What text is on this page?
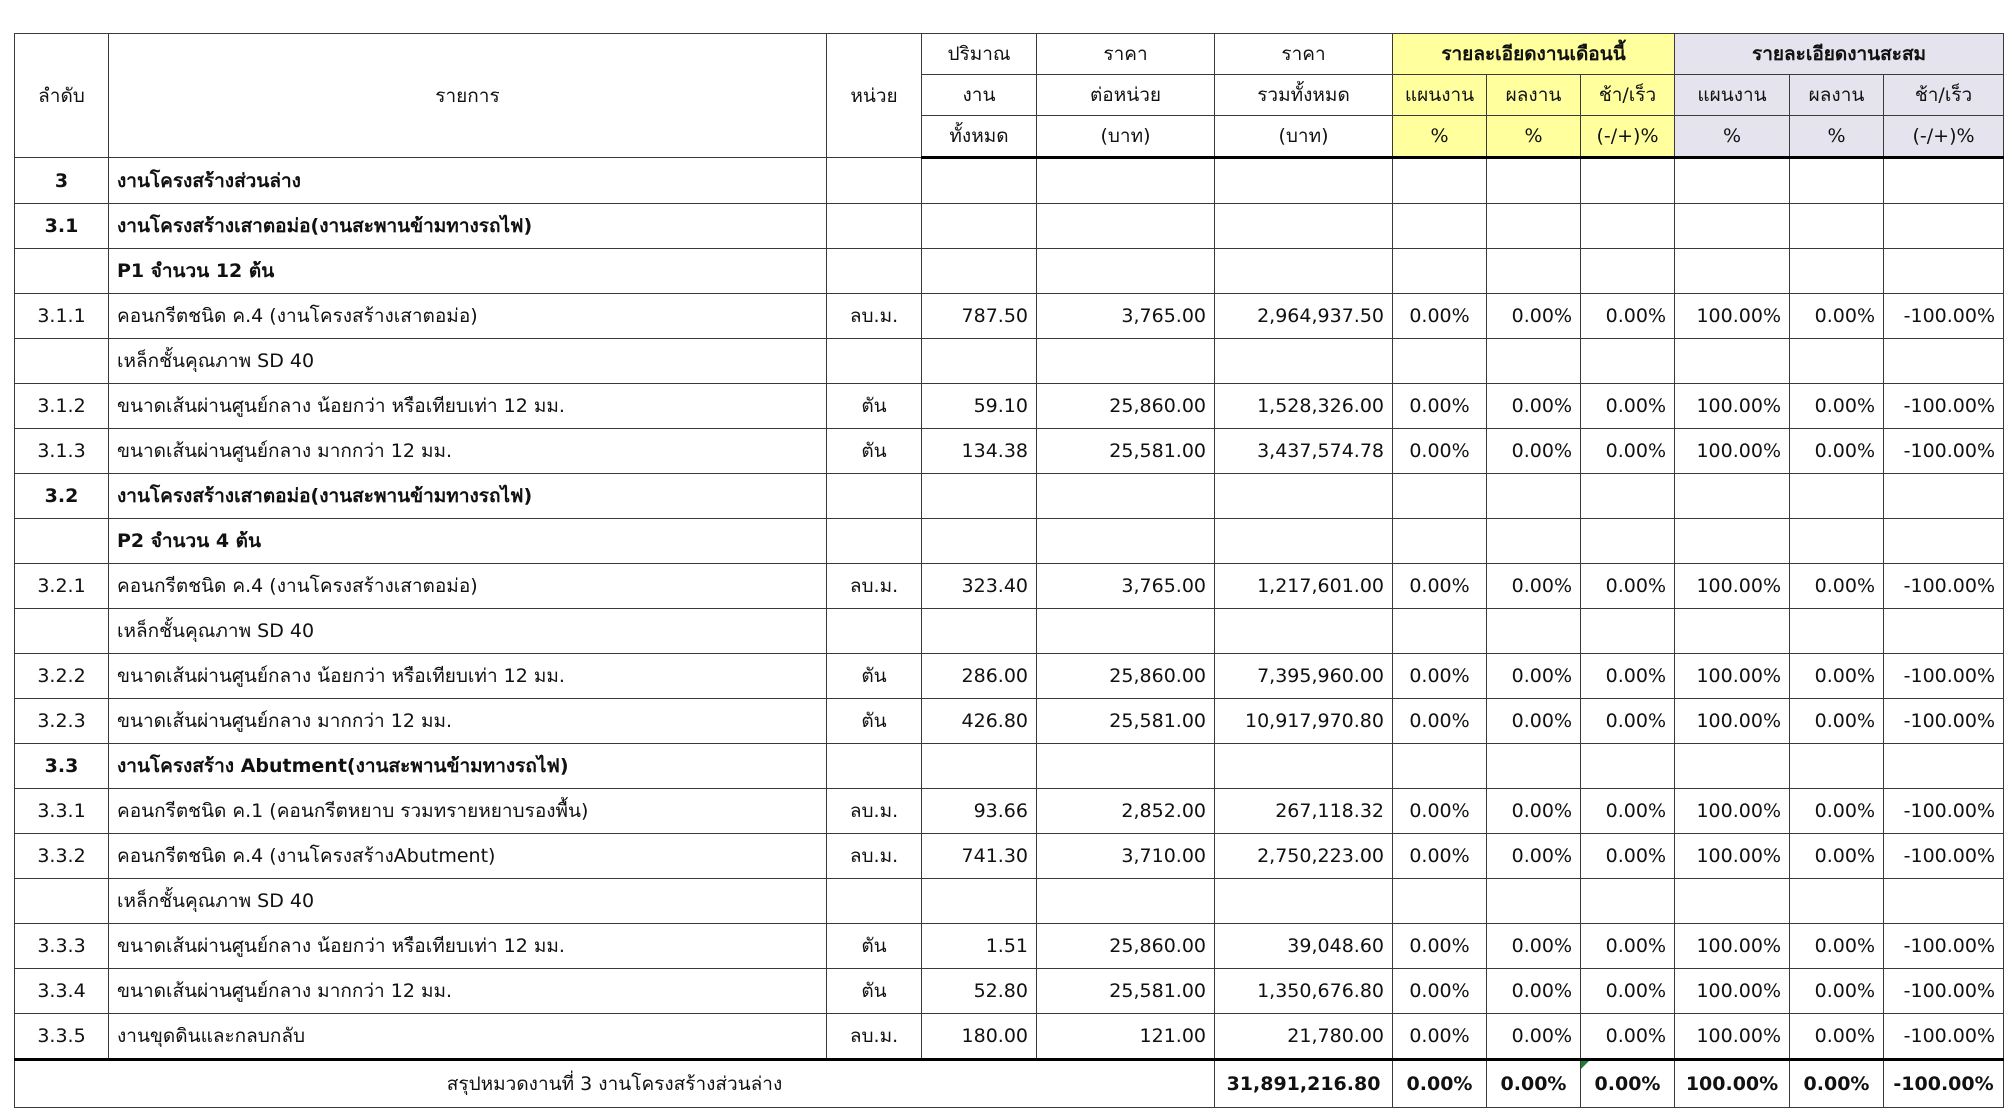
ลำดับ	รายการ	หน่วย	ปริมาณ	ราคา	ราคา	รายละเอียดงานเดือนนี้			รายละเอียดงานสะสม		
			งาน	ต่อหน่วย	รวมทั้งหมด	แผนงาน	ผลงาน	ช้า/เร็ว	แผนงาน	ผลงาน	ช้า/เร็ว
			ทั้งหมด	(บาท)	(บาท)	%	%	(-/+)%	%	%	(-/+)%
3	งานโครงสร้างส่วนล่าง										
3.1	งานโครงสร้างเสาตอม่อ(งานสะพานข้ามทางรถไฟ)										
	P1 จำนวน 12 ต้น										
3.1.1	คอนกรีตชนิด ค.4 (งานโครงสร้างเสาตอม่อ)	ลบ.ม.	787.50	3,765.00	2,964,937.50	0.00%	0.00%	0.00%	100.00%	0.00%	-100.00%
	เหล็กชั้นคุณภาพ SD 40										
3.1.2	ขนาดเส้นผ่านศูนย์กลาง น้อยกว่า หรือเทียบเท่า 12 มม.	ตัน	59.10	25,860.00	1,528,326.00	0.00%	0.00%	0.00%	100.00%	0.00%	-100.00%
3.1.3	ขนาดเส้นผ่านศูนย์กลาง มากกว่า 12 มม.	ตัน	134.38	25,581.00	3,437,574.78	0.00%	0.00%	0.00%	100.00%	0.00%	-100.00%
3.2	งานโครงสร้างเสาตอม่อ(งานสะพานข้ามทางรถไฟ)										
	P2 จำนวน 4 ต้น										
3.2.1	คอนกรีตชนิด ค.4 (งานโครงสร้างเสาตอม่อ)	ลบ.ม.	323.40	3,765.00	1,217,601.00	0.00%	0.00%	0.00%	100.00%	0.00%	-100.00%
	เหล็กชั้นคุณภาพ SD 40										
3.2.2	ขนาดเส้นผ่านศูนย์กลาง น้อยกว่า หรือเทียบเท่า 12 มม.	ตัน	286.00	25,860.00	7,395,960.00	0.00%	0.00%	0.00%	100.00%	0.00%	-100.00%
3.2.3	ขนาดเส้นผ่านศูนย์กลาง มากกว่า 12 มม.	ตัน	426.80	25,581.00	10,917,970.80	0.00%	0.00%	0.00%	100.00%	0.00%	-100.00%
3.3	งานโครงสร้าง Abutment(งานสะพานข้ามทางรถไฟ)										
3.3.1	คอนกรีตชนิด ค.1 (คอนกรีตหยาบ รวมทรายหยาบรองพื้น)	ลบ.ม.	93.66	2,852.00	267,118.32	0.00%	0.00%	0.00%	100.00%	0.00%	-100.00%
3.3.2	คอนกรีตชนิด ค.4 (งานโครงสร้างAbutment)	ลบ.ม.	741.30	3,710.00	2,750,223.00	0.00%	0.00%	0.00%	100.00%	0.00%	-100.00%
	เหล็กชั้นคุณภาพ SD 40										
3.3.3	ขนาดเส้นผ่านศูนย์กลาง น้อยกว่า หรือเทียบเท่า 12 มม.	ตัน	1.51	25,860.00	39,048.60	0.00%	0.00%	0.00%	100.00%	0.00%	-100.00%
3.3.4	ขนาดเส้นผ่านศูนย์กลาง มากกว่า 12 มม.	ตัน	52.80	25,581.00	1,350,676.80	0.00%	0.00%	0.00%	100.00%	0.00%	-100.00%
3.3.5	งานขุดดินและกลบกลับ	ลบ.ม.	180.00	121.00	21,780.00	0.00%	0.00%	0.00%	100.00%	0.00%	-100.00%
สรุปหมวดงานที่ 3 งานโครงสร้างส่วนล่าง					31,891,216.80	0.00%	0.00%	0.00%	100.00%	0.00%	-100.00%
